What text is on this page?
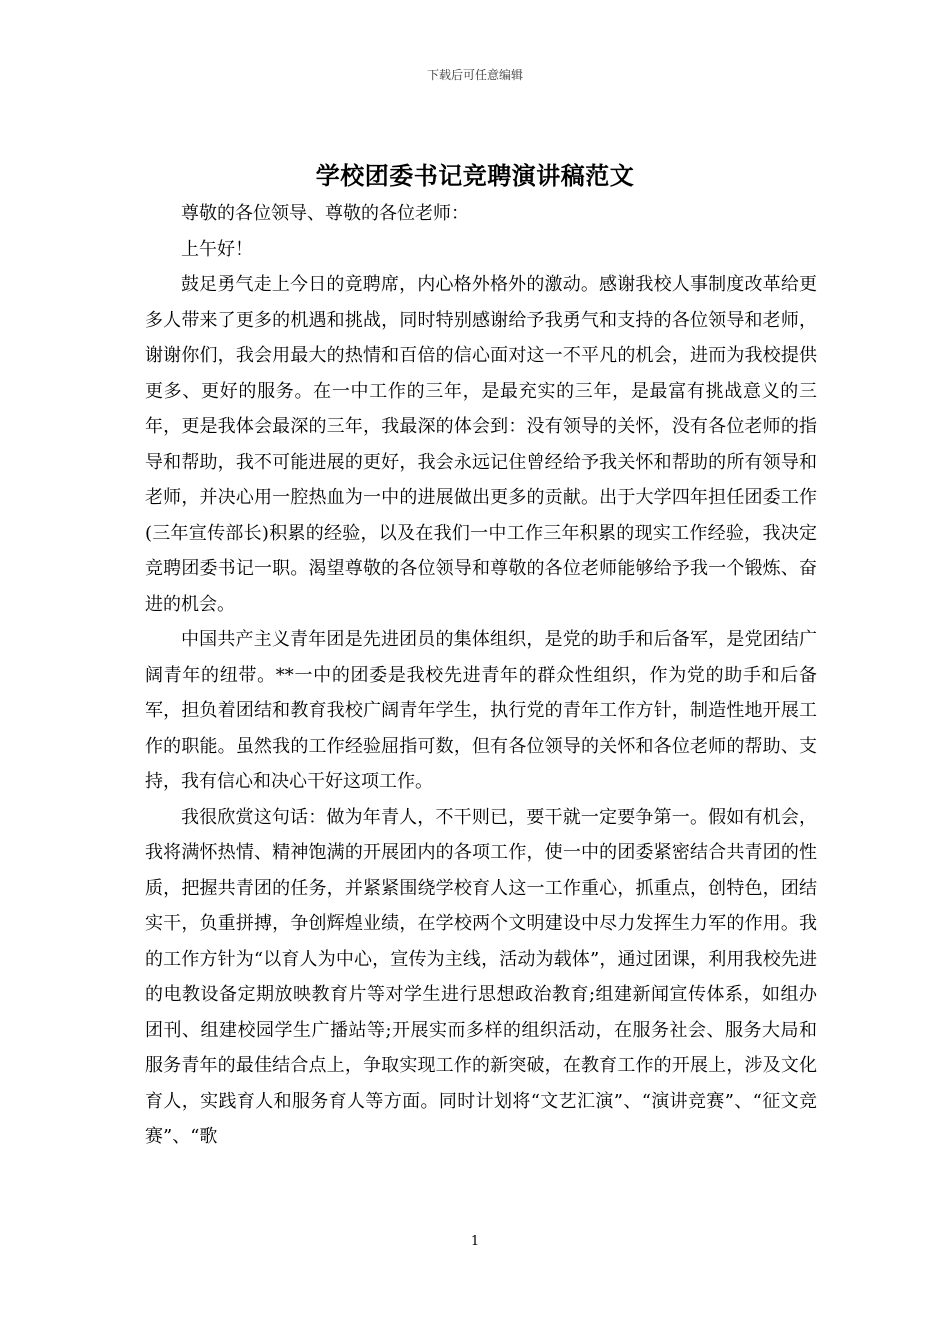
下载后可任意编辑
学校团委书记竞聘演讲稿范文

尊敬的各位领导、尊敬的各位老师：

上午好！

鼓足勇气走上今日的竟聘席，内心格外格外的激动。感谢我校人事制度改革给更多人带来了更多的机遇和挑战，同时特别感谢给予我勇气和支持的各位领导和老师，谢谢你们，我会用最大的热情和百倍的信心面对这一不平凡的机会，进而为我校提供更多、更好的服务。在一中工作的三年，是最充实的三年，是最富有挑战意义的三年，更是我体会最深的三年，我最深的体会到：没有领导的关怀，没有各位老师的指导和帮助，我不可能进展的更好，我会永远记住曾经给予我关怀和帮助的所有领导和老师，并决心用一腔热血为一中的进展做出更多的贡献。出于大学四年担任团委工作(三年宣传部长)积累的经验，以及在我们一中工作三年积累的现实工作经验，我决定竞聘团委书记一职。渴望尊敬的各位领导和尊敬的各位老师能够给予我一个锻炼、奋进的机会。

中国共产主义青年团是先进团员的集体组织，是党的助手和后备军，是党团结广阔青年的纽带。**一中的团委是我校先进青年的群众性组织，作为党的助手和后备军，担负着团结和教育我校广阔青年学生，执行党的青年工作方针，制造性地开展工作的职能。虽然我的工作经验屈指可数，但有各位领导的关怀和各位老师的帮助、支持，我有信心和决心干好这项工作。

我很欣赏这句话：做为年青人，不干则已，要干就一定要争第一。假如有机会，我将满怀热情、精神饱满的开展团内的各项工作，使一中的团委紧密结合共青团的性质，把握共青团的任务，并紧紧围绕学校育人这一工作重心，抓重点，创特色，团结实干，负重拼搏，争创辉煌业绩，在学校两个文明建设中尽力发挥生力军的作用。我的工作方针为“以育人为中心，宣传为主线，活动为载体”，通过团课，利用我校先进的电教设备定期放映教育片等对学生进行思想政治教育;组建新闻宣传体系，如组办团刊、组建校园学生广播站等;开展实而多样的组织活动，在服务社会、服务大局和服务青年的最佳结合点上，争取实现工作的新突破，在教育工作的开展上，涉及文化育人，实践育人和服务育人等方面。同时计划将“文艺汇演”、“演讲竞赛”、“征文竞赛”、“歌

1
